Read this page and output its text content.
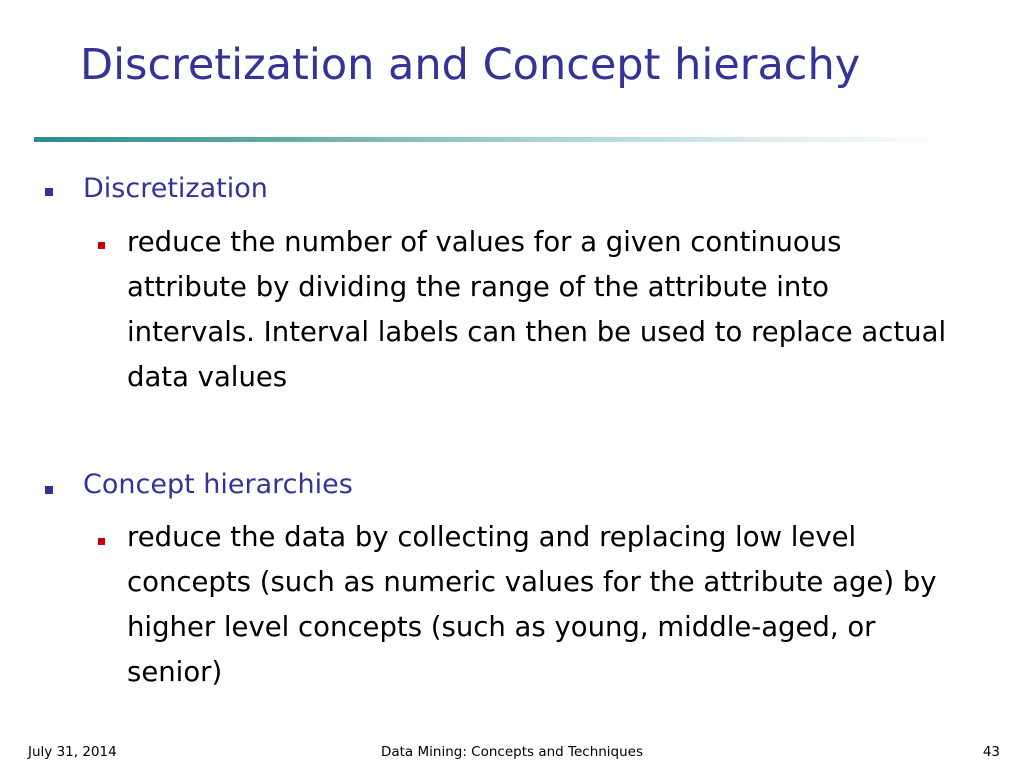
Discretization and Concept hierachy
Discretization
reduce the number of values for a given continuous attribute by dividing the range of the attribute into intervals. Interval labels can then be used to replace actual data values
Concept hierarchies
reduce the data by collecting and replacing low level concepts (such as numeric values for the attribute age) by higher level concepts (such as young, middle-aged, or senior)
July 31, 2014	Data Mining: Concepts and Techniques	43
